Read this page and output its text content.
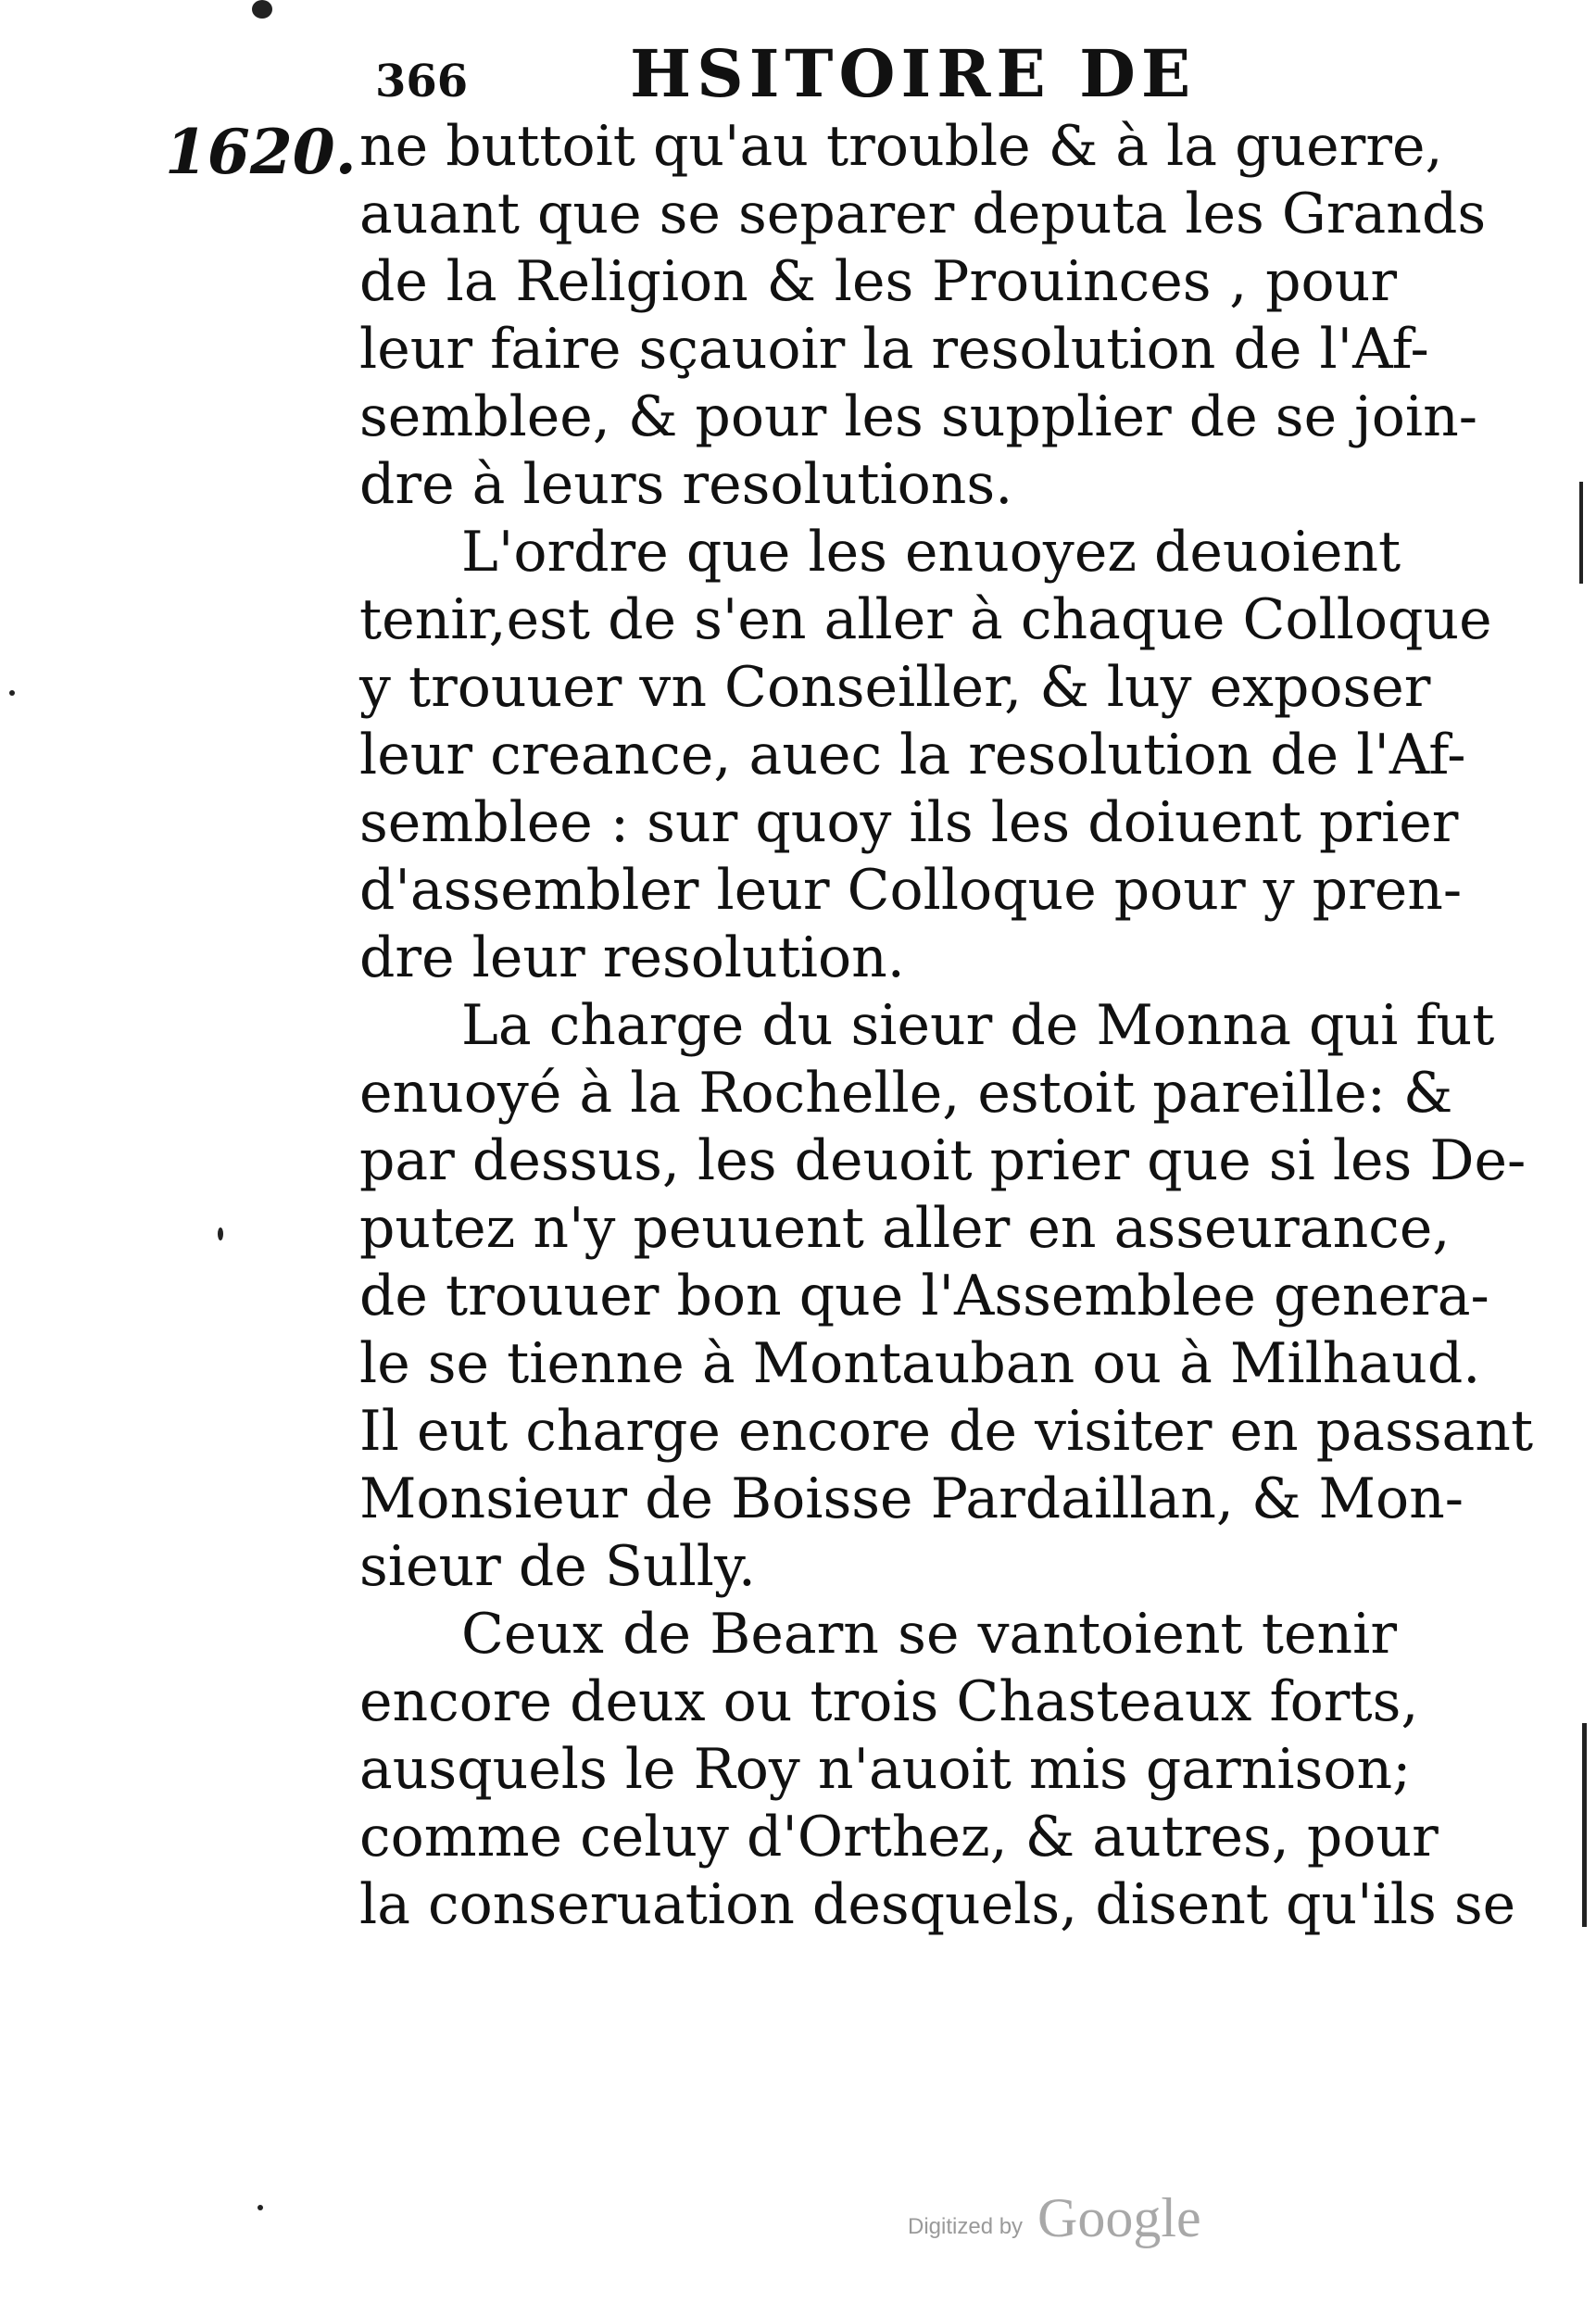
366 HSITOIRE DE
1620. ne buttoit qu'au trouble & à la guerre,
auant que se separer deputa les Grands
de la Religion & les Prouinces , pour
leur faire sçauoir la resolution de l'Af-
semblee, & pour les supplier de se join-
dre à leurs resolutions.
L'ordre que les enuoyez deuoient
tenir,est de s'en aller à chaque Colloque
y trouuer vn Conseiller, & luy exposer
leur creance, auec la resolution de l'Af-
semblee : sur quoy ils les doiuent prier
d'assembler leur Colloque pour y pren-
dre leur resolution.
La charge du sieur de Monna qui fut
enuoyé à la Rochelle, estoit pareille: &
par dessus, les deuoit prier que si les De-
putez n'y peuuent aller en asseurance,
de trouuer bon que l'Assemblee genera-
le se tienne à Montauban ou à Milhaud.
Il eut charge encore de visiter en passant
Monsieur de Boisse Pardaillan, & Mon-
sieur de Sully.
Ceux de Bearn se vantoient tenir
encore deux ou trois Chasteaux forts,
ausquels le Roy n'auoit mis garnison;
comme celuy d'Orthez, & autres, pour
la conseruation desquels, disent qu'ils se
Digitized by Google
